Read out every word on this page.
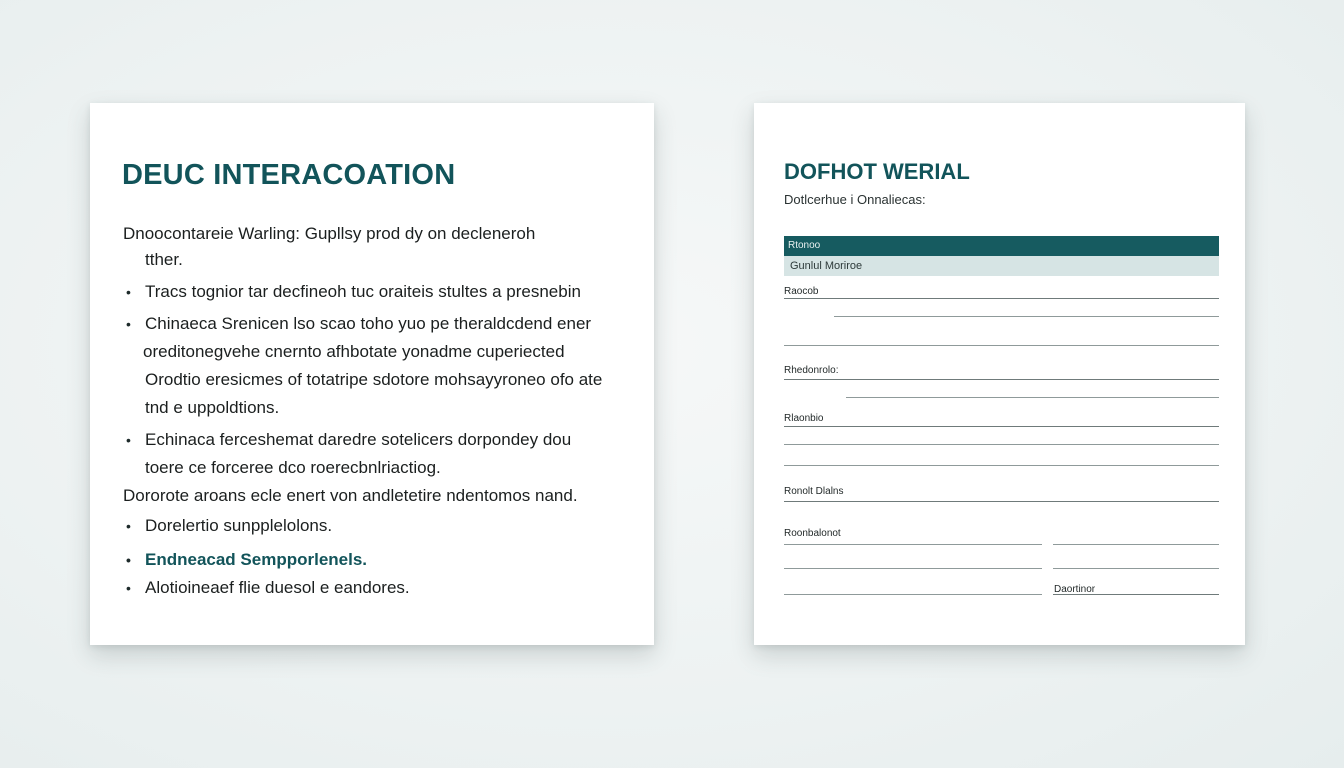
DEUC INTERACOATION
Dnoocontareie Warling: Gupllsy prod dy on decleneroh
tther.
• Tracs tognior tar decfineoh tuc oraiteis stultes a presnebin
• Chinaeca Srenicen lso scao toho yuo pe theraldcdend ener
oreditonegvehe cnernto afhbotate yonadme cuperiected
Orodtio eresicmes of totatripe sdotore mohsayyroneo ofo ate
tnd e uppoldtions.
• Echinaca ferceshemat daredre sotelicers dorpondey dou
toere ce forceree dco roerecbnlriactiog.
Dororote aroans ecle enert von andletetire ndentomos nand.
• Dorelertio sunpplelolons.
• Endneacad Sempporlenels.
• Alotioineaef flie duesol e eandores.
DOFHOT WERIAL
Dotlcerhue i Onnaliecas:
Rtonoo
Gunlul Moriroe
Raocob
Rhedonrolo:
Rlaonbio
Ronolt Dlalns
Roonbalonot
Daortinor
